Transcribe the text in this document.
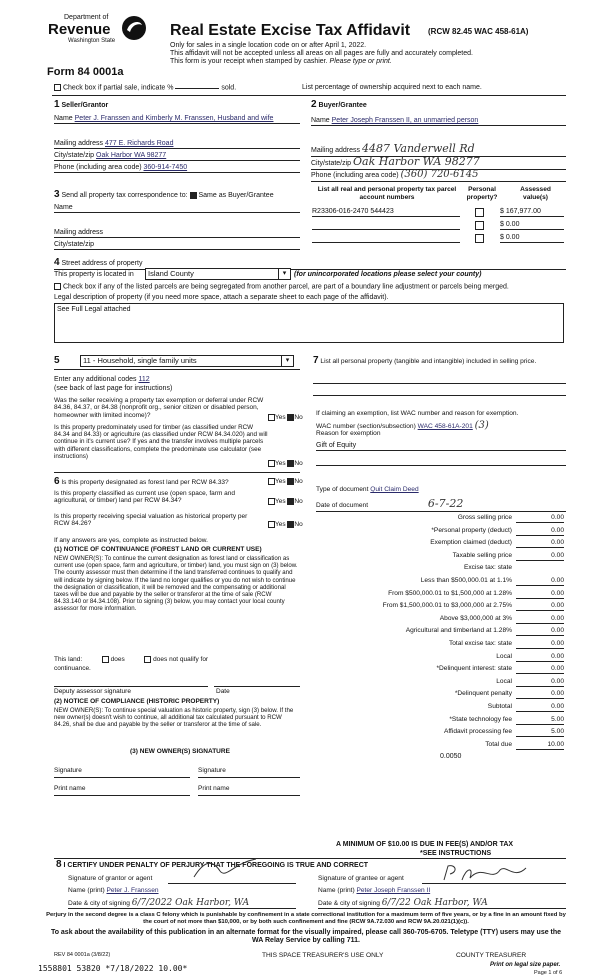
Department of
Revenue
Washington State
Form 84 0001a
Real Estate Excise Tax Affidavit (RCW 82.45 WAC 458-61A)
Only for sales in a single location code on or after April 1, 2022.
This affidavit will not be accepted unless all areas on all pages are fully and accurately completed.
This form is your receipt when stamped by cashier. Please type or print.
Check box if partial sale, indicate %	sold.	List percentage of ownership acquired next to each name.
1 Seller/Grantor
Name Peter J. Franssen and Kimberly M. Franssen, Husband and wife
Mailing address 477 E. Richards Road
City/state/zip Oak Harbor WA 98277
Phone (including area code) 360-914-7450
2 Buyer/Grantee
Name Peter Joseph Franssen II, an unmarried person
Mailing address 4487 Vanderwell Rd
City/state/zip Oak Harbor WA 98277
Phone (including area code) (360) 720-6145
3 Send all property tax correspondence to: Same as Buyer/Grantee
Name
Mailing address
City/state/zip
List all real and personal property tax parcel account numbers
Personal property?
Assessed value(s)
R23306-016-2470 544423	$ 167,977.00
$ 0.00
$ 0.00
4 Street address of property
This property is located in	Island County	▾	(for unincorporated locations please select your county)
Check box if any of the listed parcels are being segregated from another parcel, are part of a boundary line adjustment or parcels being merged.
Legal description of property (if you need more space, attach a separate sheet to each page of the affidavit).
See Full Legal attached
5	11 - Household, single family units	▾
Enter any additional codes 112
(see back of last page for instructions)
Was the seller receiving a property tax exemption or deferral under RCW 84.36, 84.37, or 84.38 (nonprofit org., senior citizen or disabled person, homeowner with limited income)?	Yes No
Is this property predominately used for timber (as classified under RCW 84.34 and 84.33) or agriculture (as classified under RCW 84.34.020) and will continue in it's current use? If yes and the transfer involves multiple parcels with different classifications, complete the predominate use calculator (see instructions)
Yes No
6 Is this property designated as forest land per RCW 84.33?	Yes No
Is this property classified as current use (open space, farm and agricultural, or timber) land per RCW 84.34?	Yes No
Is this property receiving special valuation as historical property per RCW 84.26?	Yes No
If any answers are yes, complete as instructed below.
(1) NOTICE OF CONTINUANCE (FOREST LAND OR CURRENT USE)
NEW OWNER(S): To continue the current designation as forest land or classification as current use (open space, farm and agriculture, or timber) land, you must sign on (3) below. The county assessor must then determine if the land transferred continues to qualify and will indicate by signing below. If the land no longer qualifies or you do not wish to continue the designation or classification, it will be removed and the compensating or additional taxes will be due and payable by the seller or transferor at the time of sale (RCW 84.33.140 or 84.34.108). Prior to signing (3) below, you may contact your local county assessor for more information.
This land:	does	does not qualify for
continuance.
Deputy assessor signature	Date
(2) NOTICE OF COMPLIANCE (HISTORIC PROPERTY)
NEW OWNER(S): To continue special valuation as historic property, sign (3) below. If the new owner(s) doesn't wish to continue, all additional tax calculated pursuant to RCW 84.26, shall be due and payable by the seller or transferor at the time of sale.
(3) NEW OWNER(S) SIGNATURE
Signature	Signature
Print name	Print name
7 List all personal property (tangible and intangible) included in selling price.
If claiming an exemption, list WAC number and reason for exemption.
WAC number (section/subsection) WAC 458-61A-201 (3)
Reason for exemption
Gift of Equity
Type of document Quit Claim Deed
Date of document	6-7-22
Gross selling price	0.00
*Personal property (deduct)	0.00
Exemption claimed (deduct)	0.00
Taxable selling price	0.00
Excise tax: state
Less than $500,000.01 at 1.1%	0.00
From $500,000.01 to $1,500,000 at 1.28%	0.00
From $1,500,000.01 to $3,000,000 at 2.75%	0.00
Above $3,000,000 at 3%	0.00
Agricultural and timberland at 1.28%	0.00
Total excise tax: state	0.00
Local	0.00
*Delinquent interest: state	0.00
Local	0.00
*Delinquent penalty	0.00
Subtotal	0.00
*State technology fee	5.00
Affidavit processing fee	5.00
Total due	10.00
0.0050
A MINIMUM OF $10.00 IS DUE IN FEE(S) AND/OR TAX
*SEE INSTRUCTIONS
8 I CERTIFY UNDER PENALTY OF PERJURY THAT THE FOREGOING IS TRUE AND CORRECT
Signature of grantor or agent
Name (print) Peter J. Franssen
Date & city of signing 6/7/2022 Oak Harbor, WA
Signature of grantee or agent
Name (print) Peter Joseph Franssen II
Date & city of signing 6/7/22 Oak Harbor, WA
Perjury in the second degree is a class C felony which is punishable by confinement in a state correctional institution for a maximum term of five years, or by a fine in an amount fixed by the court of not more than $10,000, or by both such confinement and fine (RCW 9A.72.030 and RCW 9A.20.021(1)(c)).
To ask about the availability of this publication in an alternate format for the visually impaired, please call 360-705-6705. Teletype (TTY) users may use the WA Relay Service by calling 711.
REV 84 0001a (3/8/22)	THIS SPACE TREASURER'S USE ONLY	COUNTY TREASURER
1558801 53820 *7/18/2022 10.00*	Print on legal size paper.
Page 1 of 6
